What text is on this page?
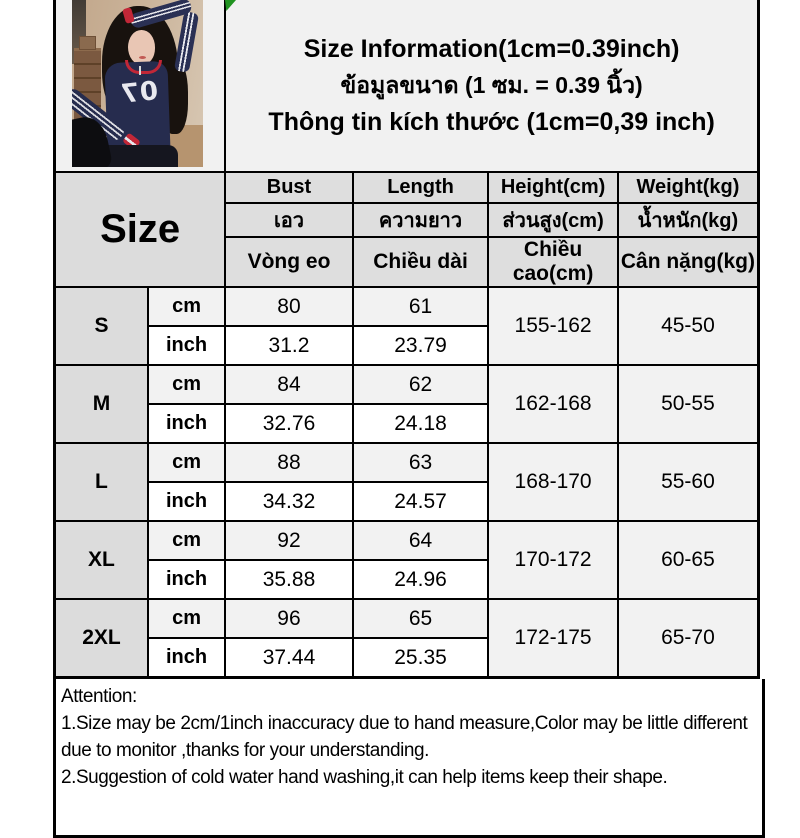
07		Size Information(1cm=0.39inch)
ข้อมูลขนาด (1 ซม. = 0.39 นิ้ว)
Thông tin kích thước (1cm=0,39 inch)			

Size		Bust	Length	Height(cm)	Weight(kg)
		เอว	ความยาว	ส่วนสูง(cm)	น้ำหนัก(kg)
		Vòng eo	Chiều dài	Chiều cao(cm)	Cân nặng(kg)
S	cm	80	61	155-162	45-50
	inch	31.2	23.79		
M	cm	84	62	162-168	50-55
	inch	32.76	24.18		
L	cm	88	63	168-170	55-60
	inch	34.32	24.57		
XL	cm	92	64	170-172	60-65
	inch	35.88	24.96		
2XL	cm	96	65	172-175	65-70
	inch	37.44	25.35		
Attention:
1.Size may be 2cm/1inch inaccuracy due to hand measure,Color may be little different
due to monitor ,thanks for your understanding.
2.Suggestion of cold water hand washing,it can help items keep their shape.
